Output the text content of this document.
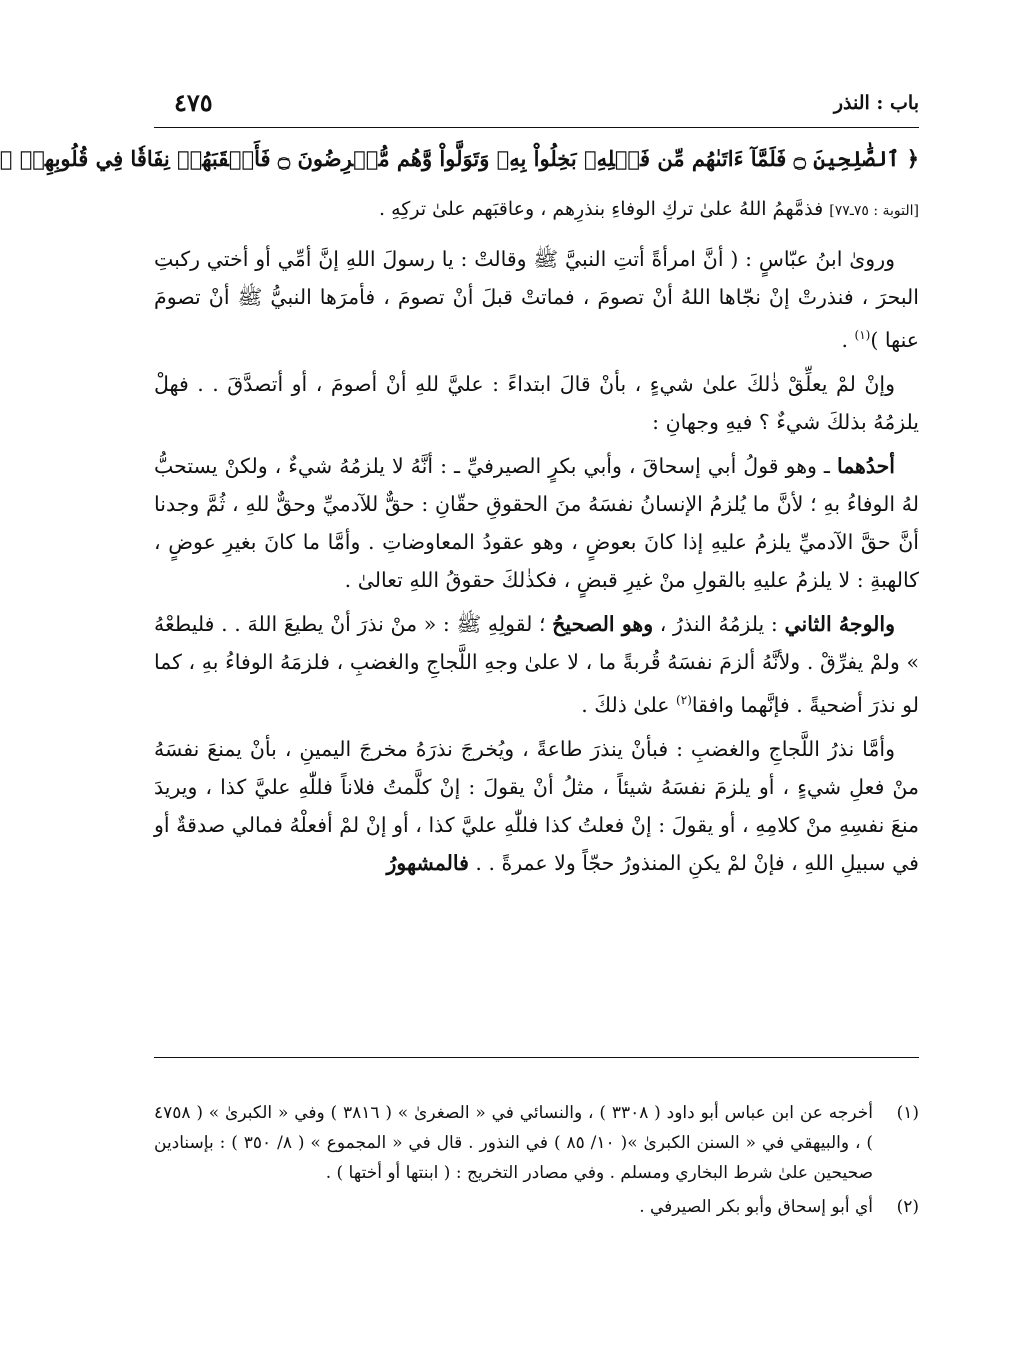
باب : النذر
٤٧٥
﴿ ٱلصَّٰلِحِينَ ۝ فَلَمَّآ ءَاتَىٰهُم مِّن فَضۡلِهِۦ بَخِلُواْ بِهِۦ وَتَوَلَّواْ وَّهُم مُّعۡرِضُونَ ۝ فَأَعۡقَبَهُمۡ نِفَاقٗا فِي قُلُوبِهِمۡ ﴾
[التوبة : ٧٥ـ٧٧] فذمَّهمُ اللهُ علىٰ تركِ الوفاءِ بنذرِهم ، وعاقبَهم علىٰ تركِهِ .

وروىٰ ابنُ عبّاسٍ : ( أنَّ امرأةً أتتِ النبيَّ ﷺ وقالتْ : يا رسولَ اللهِ إنَّ أمِّي أو أختي ركبتِ البحرَ ، فنذرتْ إنْ نجّاها اللهُ أنْ تصومَ ، فماتتْ قبلَ أنْ تصومَ ، فأمرَها النبيُّ ﷺ أنْ تصومَ عنها )$^{(١)}$ .

وإنْ لمْ يعلِّقْ ذٰلكَ علىٰ شيءٍ ، بأنْ قالَ ابتداءً : عليَّ للهِ أنْ أصومَ ، أو أتصدَّقَ . . فهلْ يلزمُهُ بذلكَ شيءٌ ؟ فيهِ وجهانِ :

أحدُهما ـ وهو قولُ أبي إسحاقَ ، وأبي بكرٍ الصيرفيِّ ـ : أنَّهُ لا يلزمُهُ شيءٌ ، ولكنْ يستحبُّ لهُ الوفاءُ بهِ ؛ لأنَّ ما يُلزمُ الإنسانُ نفسَهُ منَ الحقوقِ حقّانِ : حقٌّ للآدميِّ وحقٌّ للهِ ، ثُمَّ وجدنا أنَّ حقَّ الآدميِّ يلزمُ عليهِ إذا كانَ بعوضٍ ، وهو عقودُ المعاوضاتِ . وأمَّا ما كانَ بغيرِ عوضٍ ، كالهبةِ : لا يلزمُ عليهِ بالقولِ منْ غيرِ قبضٍ ، فكذٰلكَ حقوقُ اللهِ تعالىٰ .

والوجهُ الثاني : يلزمُهُ النذرُ ، وهو الصحيحُ ؛ لقولِهِ ﷺ : « منْ نذرَ أنْ يطيعَ اللهَ . . فليطعْهُ » ولمْ يفرِّقْ . ولأنَّهُ ألزمَ نفسَهُ قُربةً ما ، لا علىٰ وجهِ اللَّجاجِ والغضبِ ، فلزمَهُ الوفاءُ بهِ ، كما لو نذرَ أضحيةً . فإنَّهما وافقا$^{(٢)}$ علىٰ ذلكَ .

وأمَّا نذرُ اللَّجاجِ والغضبِ : فبأنْ ينذرَ طاعةً ، ويُخرجَ نذرَهُ مخرجَ اليمينِ ، بأنْ يمنعَ نفسَهُ منْ فعلِ شيءٍ ، أو يلزمَ نفسَهُ شيئاً ، مثلُ أنْ يقولَ : إنْ كلَّمتُ فلاناً فللّٰهِ عليَّ كذا ، ويريدَ منعَ نفسِهِ منْ كلامِهِ ، أو يقولَ : إنْ فعلتُ كذا فللّٰهِ عليَّ كذا ، أو إنْ لمْ أفعلْهُ فمالي صدقةٌ أو في سبيلِ اللهِ ، فإنْ لمْ يكنِ المنذورُ حجّاً ولا عمرةً . . فالمشهورُ

(١)
أخرجه عن ابن عباس أبو داود ( ٣٣٠٨ ) ، والنسائي في « الصغرىٰ » ( ٣٨١٦ ) وفي « الكبرىٰ » ( ٤٧٥٨ ) ، والبيهقي في « السنن الكبرىٰ »( ١٠/ ٨٥ ) في النذور . قال في « المجموع » ( ٨/ ٣٥٠ ) : بإسنادين صحيحين علىٰ شرط البخاري ومسلم . وفي مصادر التخريج : ( ابنتها أو أختها ) .
(٢)
أي أبو إسحاق وأبو بكر الصيرفي .
